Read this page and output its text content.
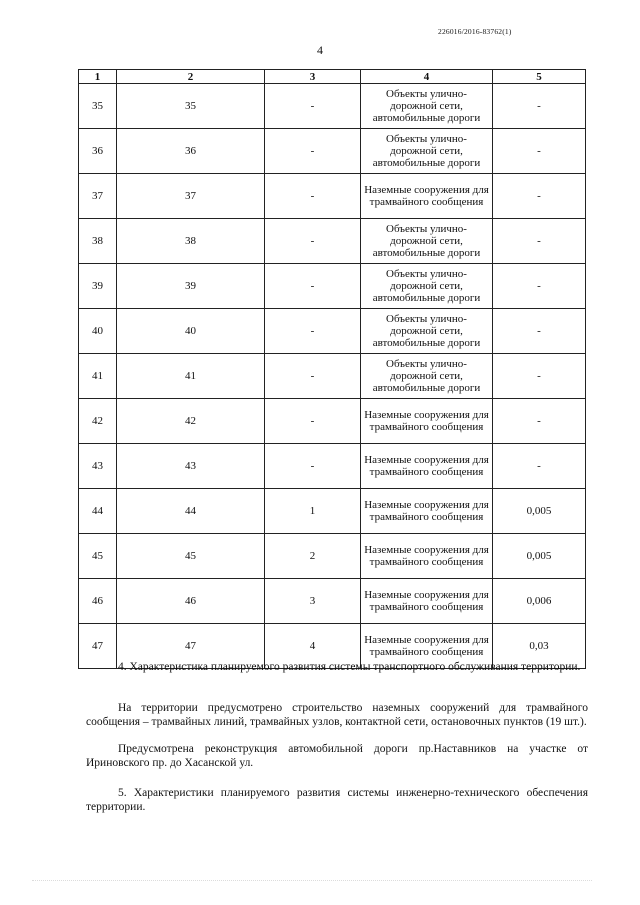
226016/2016-83762(1)
4
1	2	3	4	5
35	35	-	Объекты улично-дорожной сети, автомобильные дороги	-
36	36	-	Объекты улично-дорожной сети, автомобильные дороги	-
37	37	-	Наземные сооружения для трамвайного сообщения	-
38	38	-	Объекты улично-дорожной сети, автомобильные дороги	-
39	39	-	Объекты улично-дорожной сети, автомобильные дороги	-
40	40	-	Объекты улично-дорожной сети, автомобильные дороги	-
41	41	-	Объекты улично-дорожной сети, автомобильные дороги	-
42	42	-	Наземные сооружения для трамвайного сообщения	-
43	43	-	Наземные сооружения для трамвайного сообщения	-
44	44	1	Наземные сооружения для трамвайного сообщения	0,005
45	45	2	Наземные сооружения для трамвайного сообщения	0,005
46	46	3	Наземные сооружения для трамвайного сообщения	0,006
47	47	4	Наземные сооружения для трамвайного сообщения	0,03
4. Характеристика планируемого развития системы транспортного обслуживания территории.
На территории предусмотрено строительство наземных сооружений для трамвайного сообщения – трамвайных линий, трамвайных узлов, контактной сети, остановочных пунктов (19 шт.).
Предусмотрена реконструкция автомобильной дороги пр.Наставников на участке от Ириновского пр. до Хасанской ул.
5. Характеристики планируемого развития системы инженерно-технического обеспечения территории.
